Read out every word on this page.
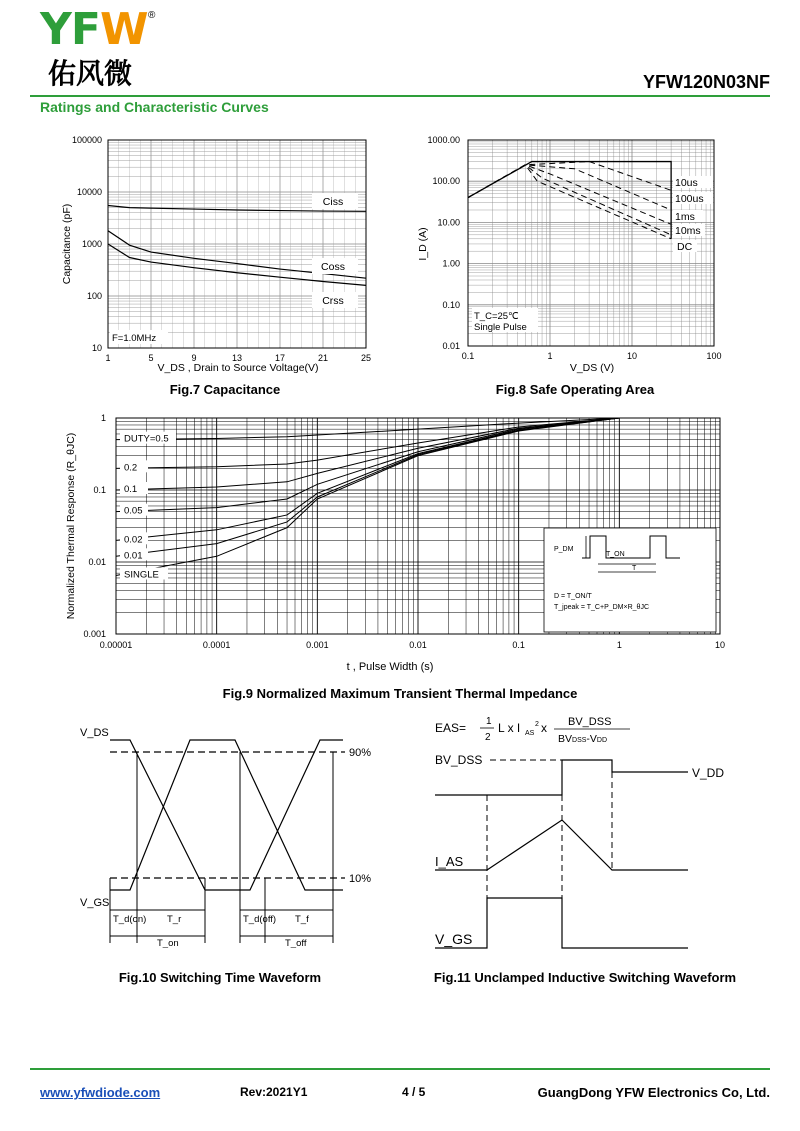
YFW ®
佑风微	YFW120N03NF
Ratings and Characteristic Curves
100000
10000
1000
100
10
1	5	9	13	17	21	25
Ciss
Coss
Crss
F=1.0MHz
Capacitance (pF)
V_DS , Drain to Source Voltage(V)
Fig.7 Capacitance
1000.00
100.00
10.00
1.00
0.10
0.01
0.1	1	10	100
10us
100us
1ms
10ms
DC
T_C=25℃
Single Pulse
I_D (A)
V_DS (V)
Fig.8 Safe Operating Area
1
0.1
0.01
0.001
0.00001	0.0001	0.001	0.01	0.1	1	10
DUTY=0.5
0.2
0.1
0.05
0.02
0.01
SINGLE
P_DM
T_ON
T
D = T_ON/T
T_jpeak = T_C+P_DM×R_θJC
Normalized Thermal Response (R_θJC)
t , Pulse Width (s)
Fig.9 Normalized Maximum Transient Thermal Impedance
V_DS
V_GS
90%
10%
T_d(on) T_r	T_d(off) T_f
T_on	T_off
Fig.10 Switching Time Waveform
EAS= 1
2
L x I AS
2 x BV_DSS
BVDSS-VDD
BV_DSS
V_DD
I_AS
V_GS
Fig.11 Unclamped Inductive Switching Waveform
www.yfwdiode.com	Rev:2021Y1	4 / 5	GuangDong YFW Electronics Co, Ltd.
